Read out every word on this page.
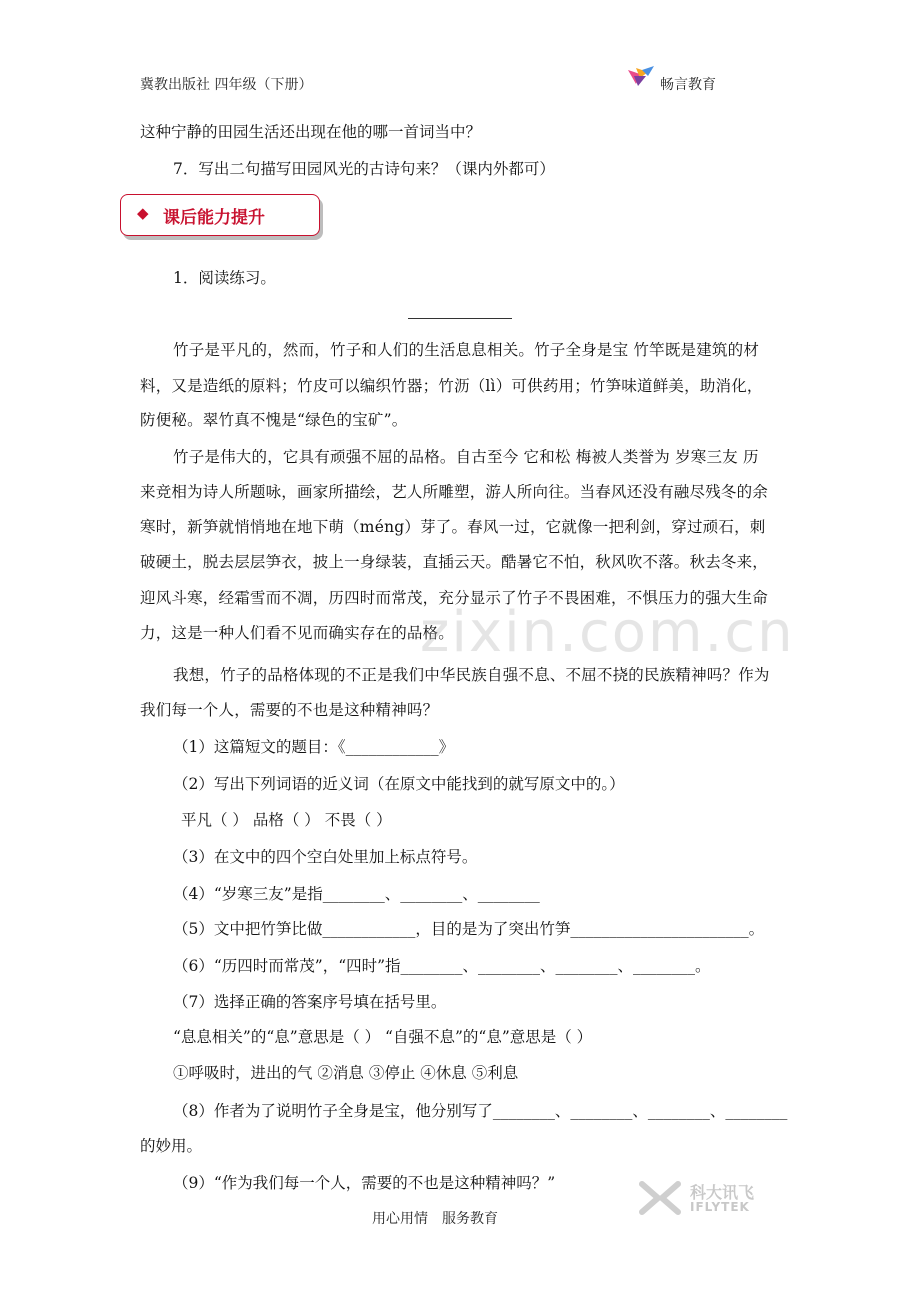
冀教出版社 四年级（下册）	畅言教育
这种宁静的田园生活还出现在他的哪一首词当中？
7．写出二句描写田园风光的古诗句来？（课内外都可）
◆ 课后能力提升
1．阅读练习。
竹子是平凡的，然而，竹子和人们的生活息息相关。竹子全身是宝 竹竿既是建筑的材
料，又是造纸的原料；竹皮可以编织竹器；竹沥（lì）可供药用；竹笋味道鲜美，助消化，
防便秘。翠竹真不愧是“绿色的宝矿”。
竹子是伟大的，它具有顽强不屈的品格。自古至今 它和松 梅被人类誉为 岁寒三友 历
来竞相为诗人所题咏，画家所描绘，艺人所雕塑，游人所向往。当春风还没有融尽残冬的余
寒时，新笋就悄悄地在地下萌（méng）芽了。春风一过，它就像一把利剑，穿过顽石，刺
破硬土，脱去层层笋衣，披上一身绿装，直插云天。酷暑它不怕，秋风吹不落。秋去冬来，
迎风斗寒，经霜雪而不凋，历四时而常茂，充分显示了竹子不畏困难，不惧压力的强大生命
力，这是一种人们看不见而确实存在的品格。
我想，竹子的品格体现的不正是我们中华民族自强不息、不屈不挠的民族精神吗？作为
我们每一个人，需要的不也是这种精神吗？
zixin.com.cn
（1）这篇短文的题目：《____________》
（2）写出下列词语的近义词（在原文中能找到的就写原文中的。）
平凡（ ） 品格（ ） 不畏（ ）
（3）在文中的四个空白处里加上标点符号。
（4）“岁寒三友”是指________、________、________
（5）文中把竹笋比做____________，目的是为了突出竹笋_______________________。
（6）“历四时而常茂”，“四时”指________、________、________、________。
（7）选择正确的答案序号填在括号里。
“息息相关”的“息”意思是（ ） “自强不息”的“息”意思是（ ）
①呼吸时，进出的气 ②消息 ③停止 ④休息 ⑤利息
（8）作者为了说明竹子全身是宝，他分别写了________、________、________、________
的妙用。
（9）“作为我们每一个人，需要的不也是这种精神吗？”	科大讯飞
IFLYTEK
用心用情　服务教育
